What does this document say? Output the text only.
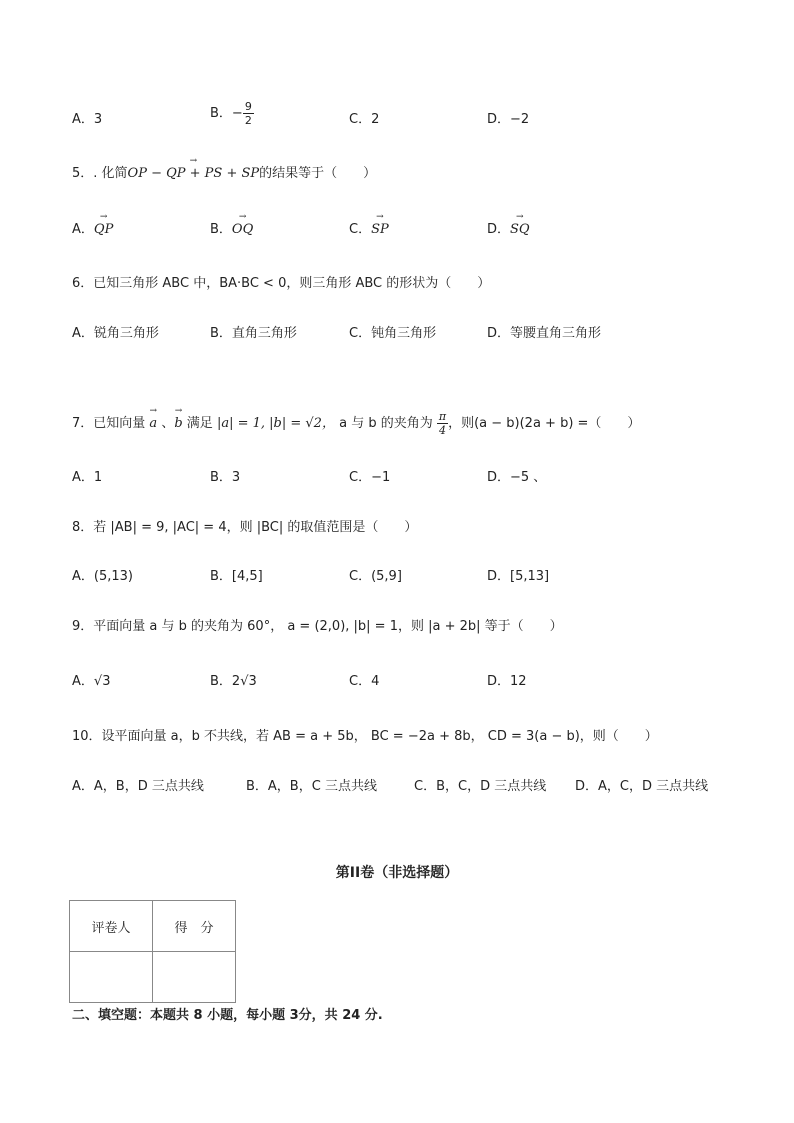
A．3	B．− $\frac{9}{2}$	C．2	D．−2
5．. 化简→ OP − QP + PS + SP的结果等于（　　）
A．→ QP	B．→ OQ	C．→ SP	D．→ SQ
6．已知三角形 ABC 中，BA·BC < 0，则三角形 ABC 的形状为（　　）
A．锐角三角形	B．直角三角形	C．钝角三角形	D．等腰直角三角形
7．已知向量 → a 、→ b 满足 |a| = 1, |b| = √2， a 与 b 的夹角为 $\frac{\pi}{4}$ ，则(a − b)(2a + b) =（　　）
A．1	B．3	C．−1	D．−5 、
8．若 |AB| = 9, |AC| = 4，则 |BC| 的取值范围是（　　）
A．(5,13)	B．[4,5]	C．(5,9]	D．[5,13]
9．平面向量 a 与 b 的夹角为 60°， a = (2,0), |b| = 1，则 |a + 2b| 等于（　　）
A．√3	B．2√3	C．4	D．12
10．设平面向量 a，b 不共线，若 AB = a + 5b， BC = −2a + 8b， CD = 3(a − b)，则（　　）
A．A，B，D 三点共线	B．A，B，C 三点共线	C．B，C，D 三点共线 D．A，C，D 三点共线
第II卷（非选择题）
评卷人	得　分

二、填空题：本题共 8 小题，每小题 3分，共 24 分.
